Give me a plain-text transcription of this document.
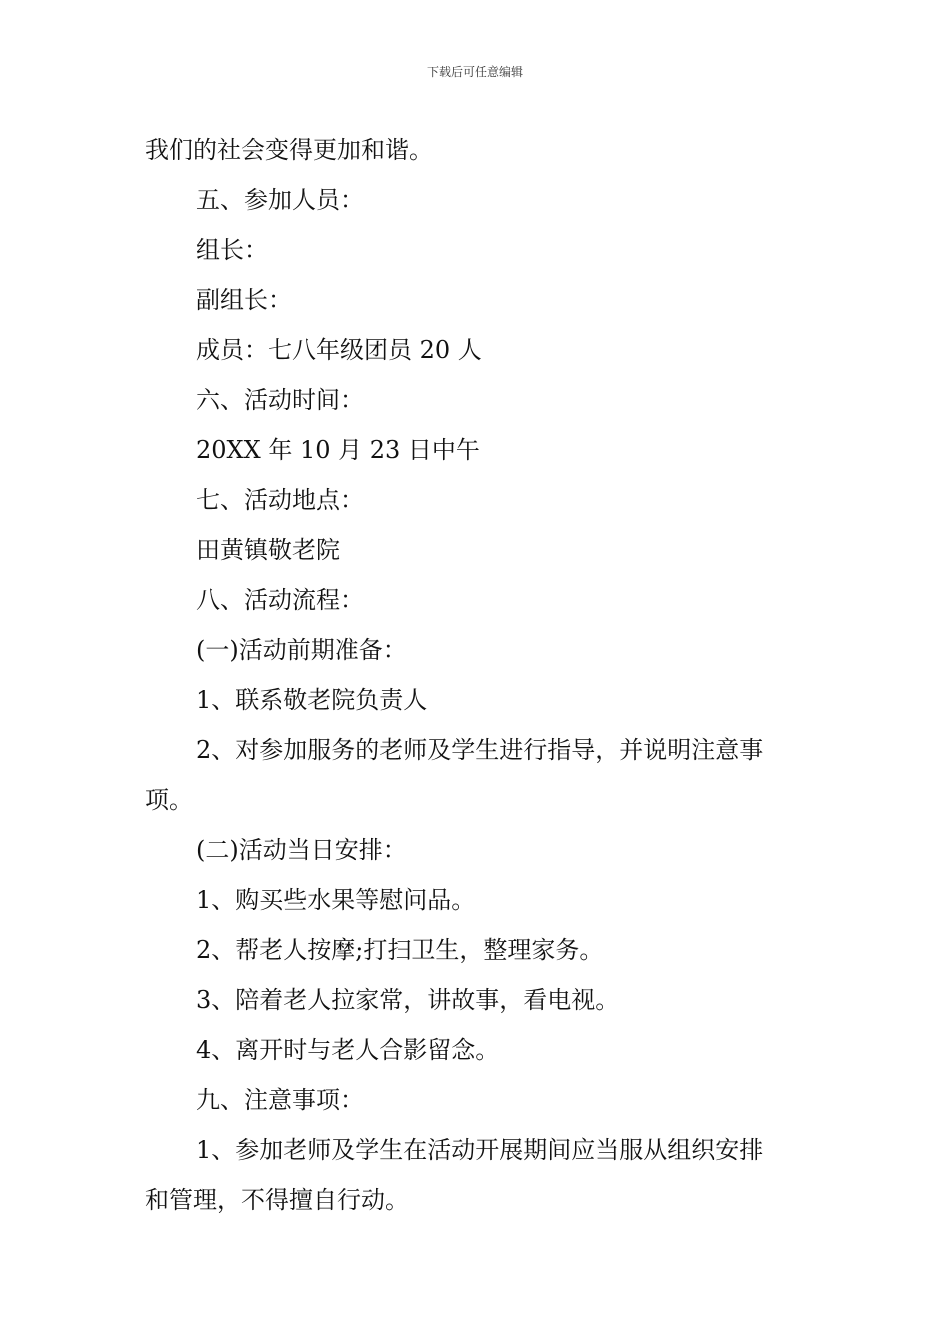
下载后可任意编辑
我们的社会变得更加和谐。
五、参加人员：
组长：
副组长：
成员：七八年级团员 20 人
六、活动时间：
20XX 年 10 月 23 日中午
七、活动地点：
田黄镇敬老院
八、活动流程：
(一)活动前期准备：
1、联系敬老院负责人
2、对参加服务的老师及学生进行指导，并说明注意事
项。
(二)活动当日安排：
1、购买些水果等慰问品。
2、帮老人按摩;打扫卫生，整理家务。
3、陪着老人拉家常，讲故事，看电视。
4、离开时与老人合影留念。
九、注意事项：
1、参加老师及学生在活动开展期间应当服从组织安排
和管理，不得擅自行动。
